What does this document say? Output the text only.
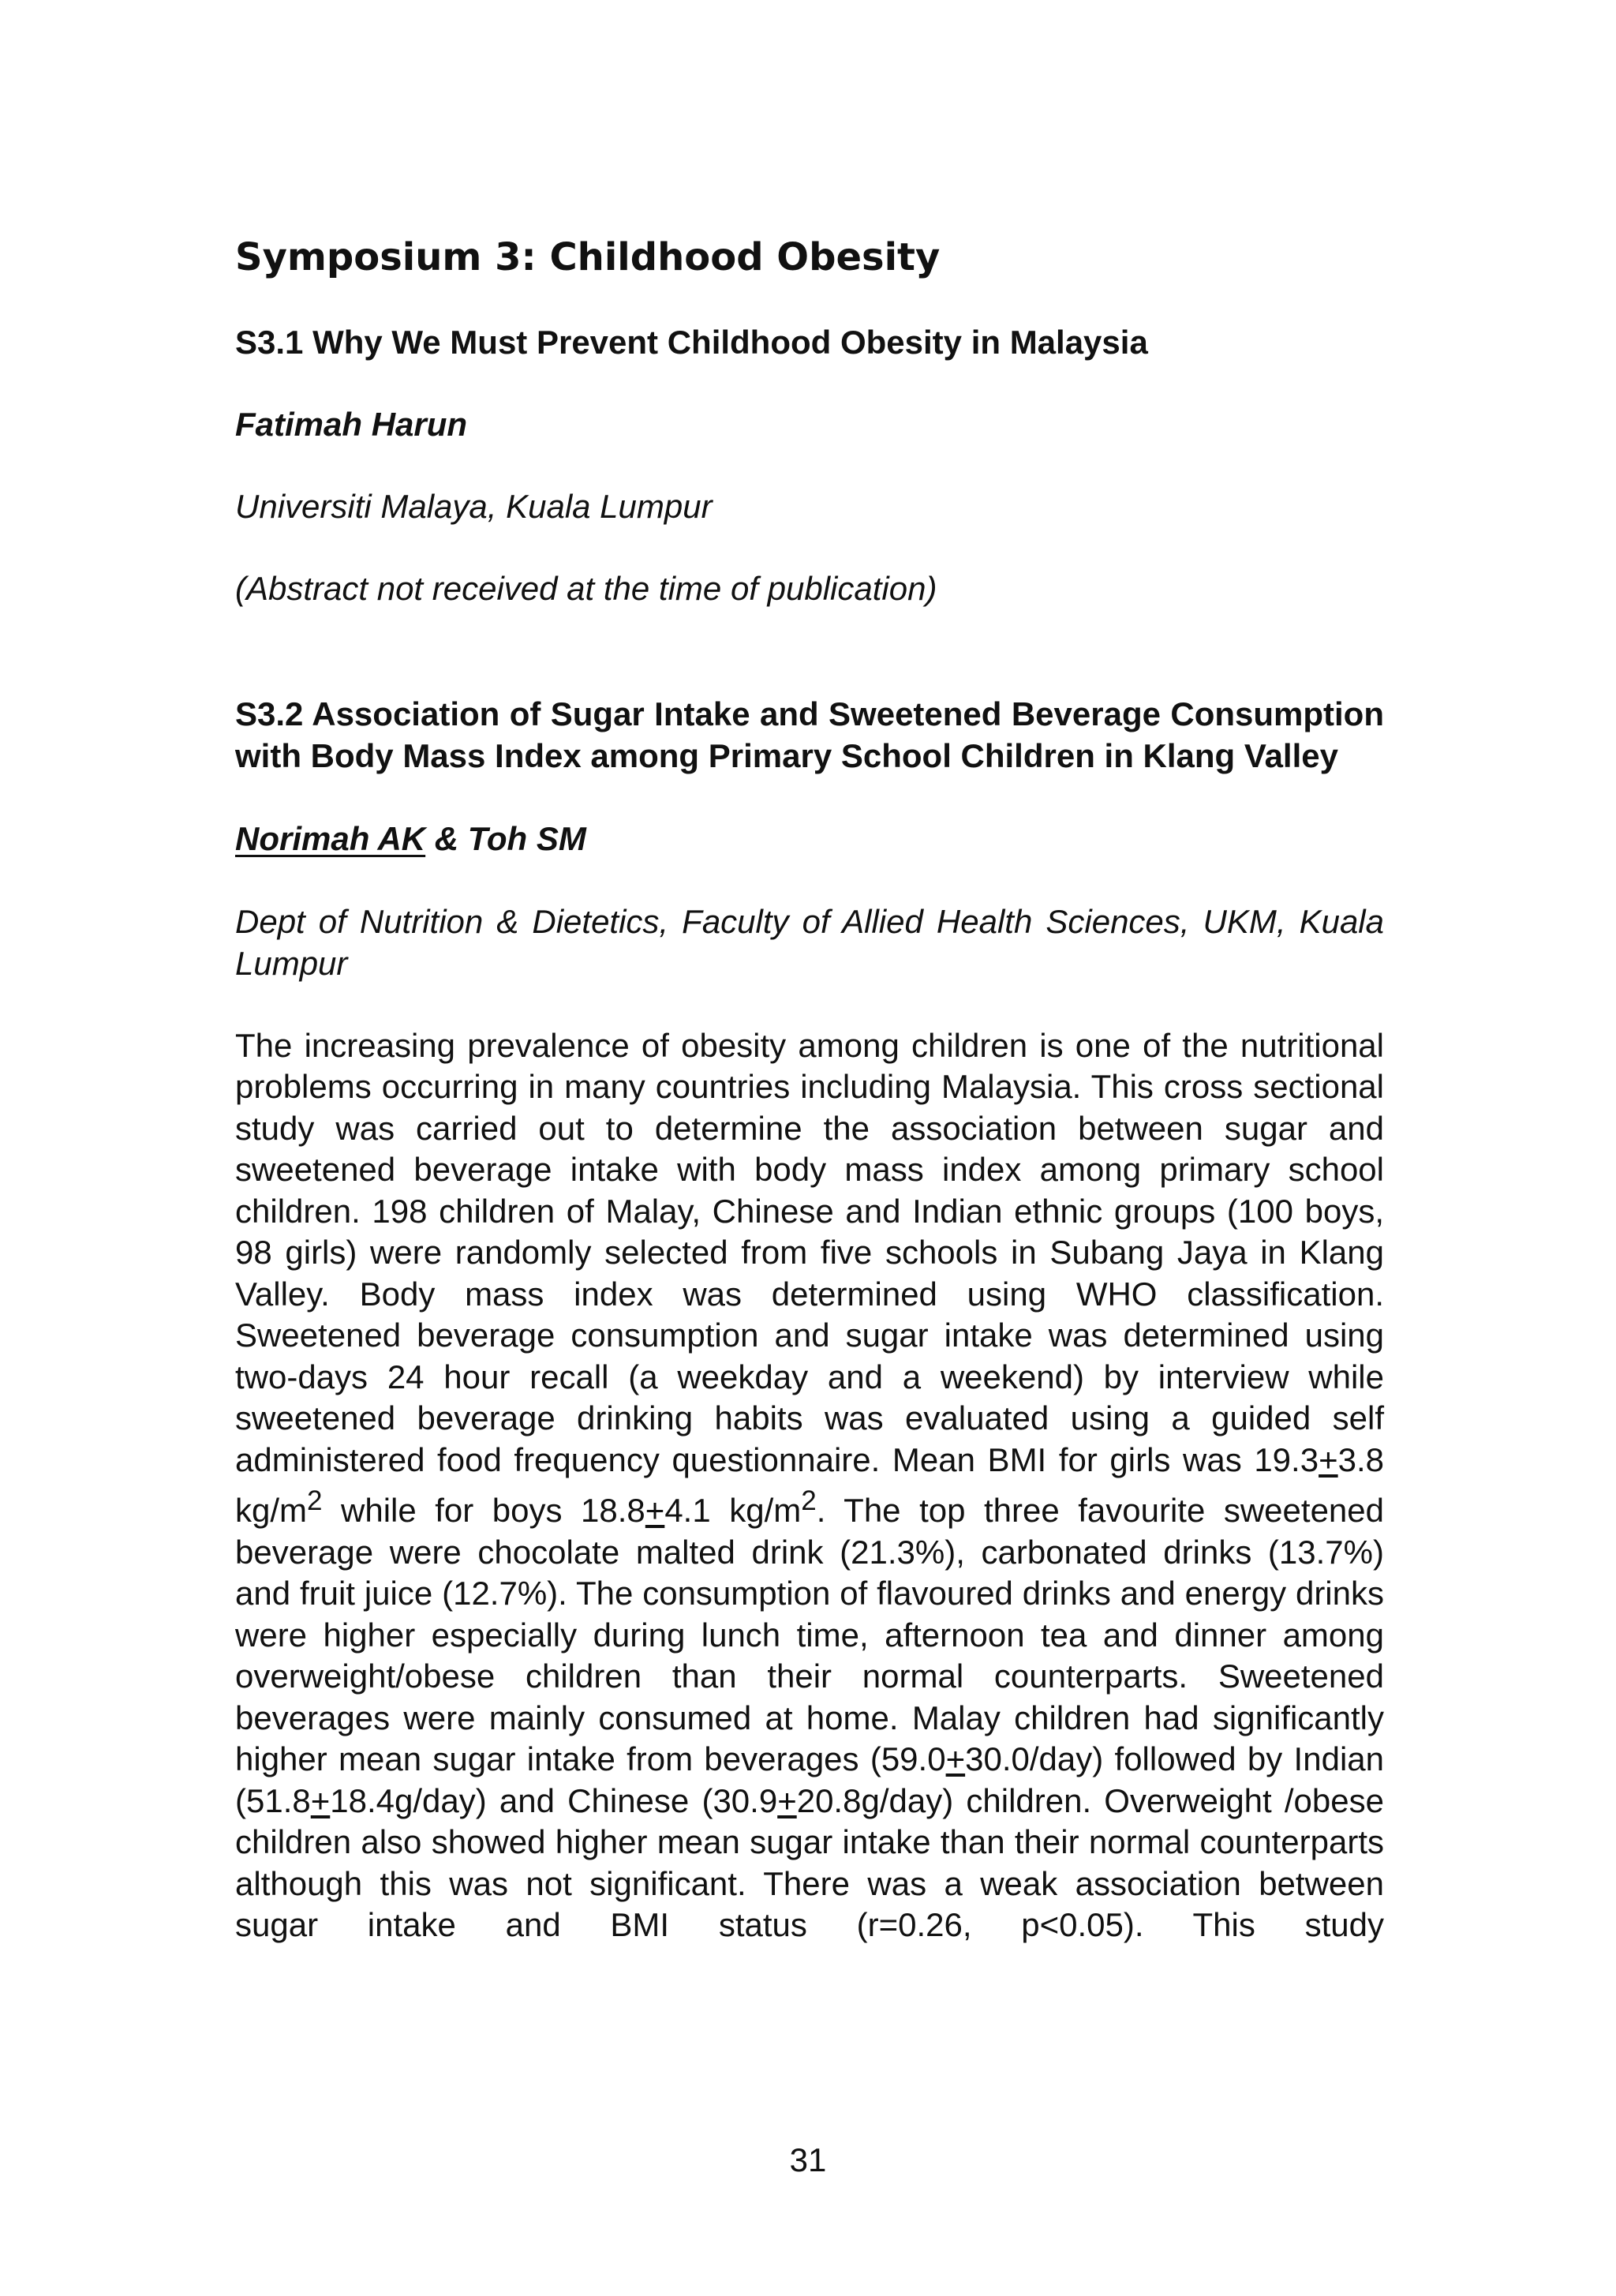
Symposium 3: Childhood Obesity
S3.1 Why We Must Prevent Childhood Obesity in Malaysia

Fatimah Harun

Universiti Malaya, Kuala Lumpur

(Abstract not received at the time of publication)

S3.2 Association of Sugar Intake and Sweetened Beverage Consumption with Body Mass Index among Primary School Children in Klang Valley

Norimah AK & Toh SM

Dept of Nutrition & Dietetics, Faculty of Allied Health Sciences, UKM, Kuala Lumpur

The increasing prevalence of obesity among children is one of the nutritional problems occurring in many countries including Malaysia. This cross sectional study was carried out to determine the association between sugar and sweetened beverage intake with body mass index among primary school children. 198 children of Malay, Chinese and Indian ethnic groups (100 boys, 98 girls) were randomly selected from five schools in Subang Jaya in Klang Valley. Body mass index was determined using WHO classification. Sweetened beverage consumption and sugar intake was determined using two-days 24 hour recall (a weekday and a weekend) by interview while sweetened beverage drinking habits was evaluated using a guided self administered food frequency questionnaire. Mean BMI for girls was 19.3+3.8 $kg/m^2$ while for boys 18.8+4.1 $kg/m^2$. The top three favourite sweetened beverage were chocolate malted drink (21.3%), carbonated drinks (13.7%) and fruit juice (12.7%). The consumption of flavoured drinks and energy drinks were higher especially during lunch time, afternoon tea and dinner among overweight/obese children than their normal counterparts. Sweetened beverages were mainly consumed at home. Malay children had significantly higher mean sugar intake from beverages (59.0+30.0/day) followed by Indian (51.8+18.4g/day) and Chinese (30.9+20.8g/day) children. Overweight /obese children also showed higher mean sugar intake than their normal counterparts although this was not significant. There was a weak association between sugar intake and BMI status (r=0.26, p<0.05). This study

31
